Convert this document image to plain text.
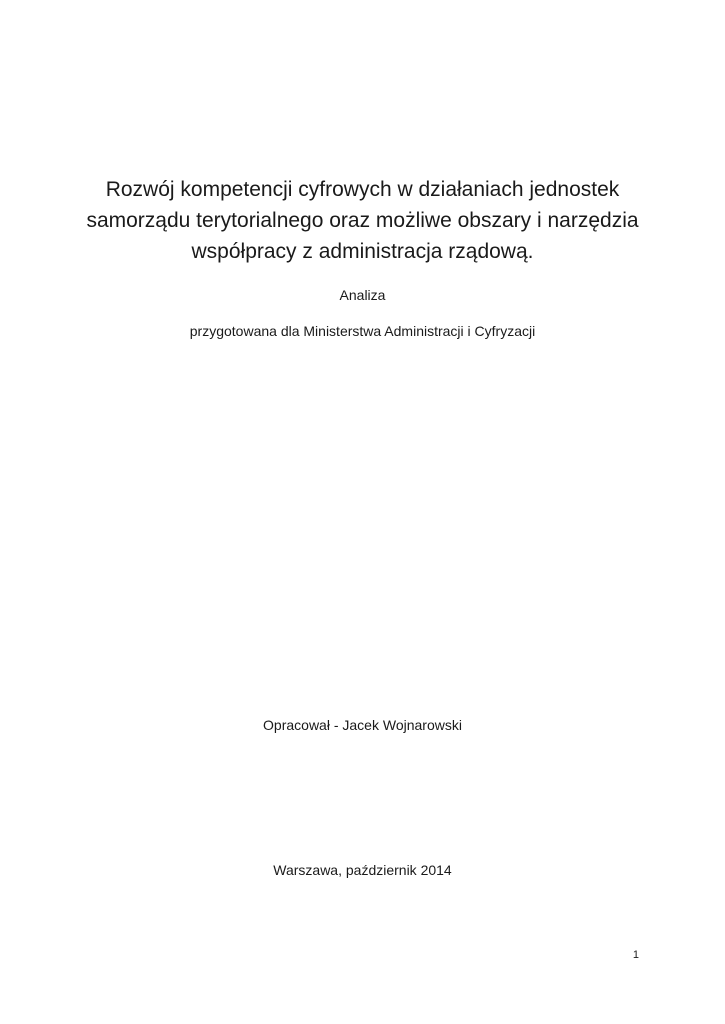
Rozwój kompetencji cyfrowych w działaniach jednostek
samorządu terytorialnego oraz możliwe obszary i narzędzia
współpracy z administracja rządową.

Analiza

przygotowana dla Ministerstwa Administracji i Cyfryzacji

Opracował - Jacek Wojnarowski

Warszawa, październik 2014

1
